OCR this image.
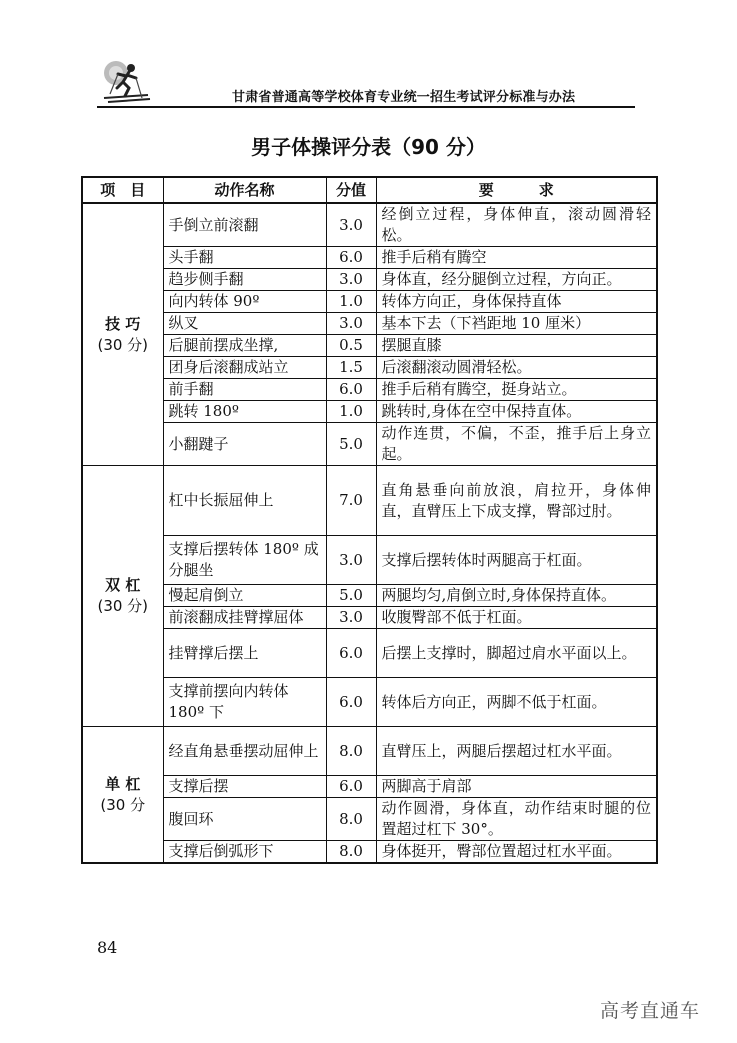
甘肃省普通高等学校体育专业统一招生考试评分标准与办法
男子体操评分表（90 分）
项　目	动作名称	分值	要　　　求
技 巧
(30 分)	手倒立前滚翻	3.0	经倒立过程，身体伸直，滚动圆滑轻松。
	头手翻	6.0	推手后稍有腾空
	趋步侧手翻	3.0	身体直，经分腿倒立过程，方向正。
	向内转体 90º	1.0	转体方向正，身体保持直体
	纵叉	3.0	基本下去（下裆距地 10 厘米）
	后腿前摆成坐撑,	0.5	摆腿直膝
	团身后滚翻成站立	1.5	后滚翻滚动圆滑轻松。
	前手翻	6.0	推手后稍有腾空，挺身站立。
	跳转 180º	1.0	跳转时,身体在空中保持直体。
	小翻踺子	5.0	动作连贯，不偏，不歪，推手后上身立起。
双 杠
(30 分)	杠中长振屈伸上	7.0	直角悬垂向前放浪，肩拉开，身体伸直，直臂压上下成支撑，臀部过肘。
	支撑后摆转体 180º 成分腿坐	3.0	支撑后摆转体时两腿高于杠面。
	慢起肩倒立	5.0	两腿均匀,肩倒立时,身体保持直体。
	前滚翻成挂臂撑屈体	3.0	收腹臀部不低于杠面。
	挂臂撑后摆上	6.0	后摆上支撑时，脚超过肩水平面以上。
	支撑前摆向内转体 180º 下	6.0	转体后方向正，两脚不低于杠面。
单 杠
(30 分	经直角悬垂摆动屈伸上	8.0	直臂压上，两腿后摆超过杠水平面。
	支撑后摆	6.0	两脚高于肩部
	腹回环	8.0	动作圆滑，身体直，动作结束时腿的位置超过杠下 30°。
	支撑后倒弧形下	8.0	身体挺开，臀部位置超过杠水平面。
84
高考直通车
